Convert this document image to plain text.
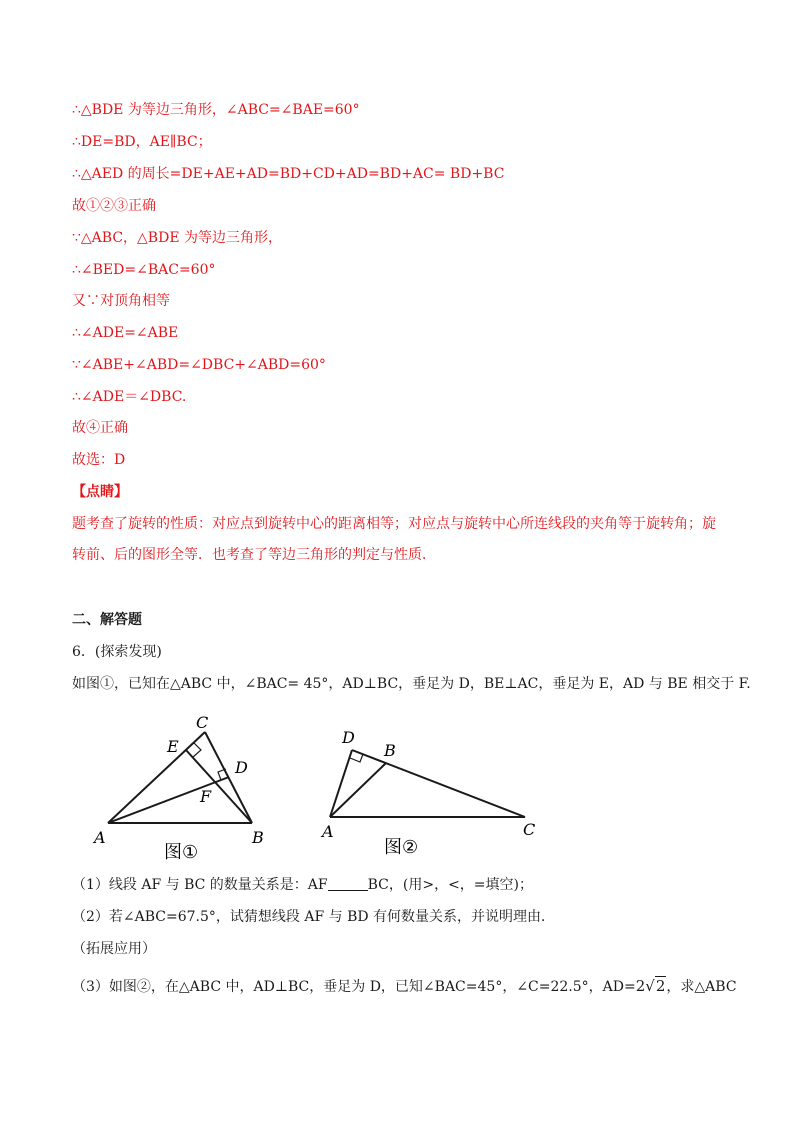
∴△BDE 为等边三角形，∠ABC=∠BAE=60°
∴DE=BD，AE∥BC；
∴△AED 的周长=DE+AE+AD=BD+CD+AD=BD+AC= BD+BC
故①②③正确
∵△ABC，△BDE 为等边三角形，
∴∠BED=∠BAC=60°
又∵对顶角相等
∴∠ADE=∠ABE
∵∠ABE+∠ABD=∠DBC+∠ABD=60°
∴∠ADE＝∠DBC.
故④正确
故选：D
【点睛】
题考查了旋转的性质：对应点到旋转中心的距离相等；对应点与旋转中心所连线段的夹角等于旋转角；旋
转前、后的图形全等．也考查了等边三角形的判定与性质．
二、解答题
6．(探索发现)
如图①，已知在△ABC 中，∠BAC= 45°，AD⊥BC，垂足为 D，BE⊥AC，垂足为 E，AD 与 BE 相交于 F.
C
E
D
F
A	B
图①
D
B
A	C
图②
（1）线段 AF 与 BC 的数量关系是：AF	BC，(用>，<，=填空)；
（2）若∠ABC=67.5°，试猜想线段 AF 与 BD 有何数量关系，并说明理由．
（拓展应用）
（3）如图②，在△ABC 中，AD⊥BC，垂足为 D，已知∠BAC=45°，∠C=22.5°，AD=2√2，求△ABC
